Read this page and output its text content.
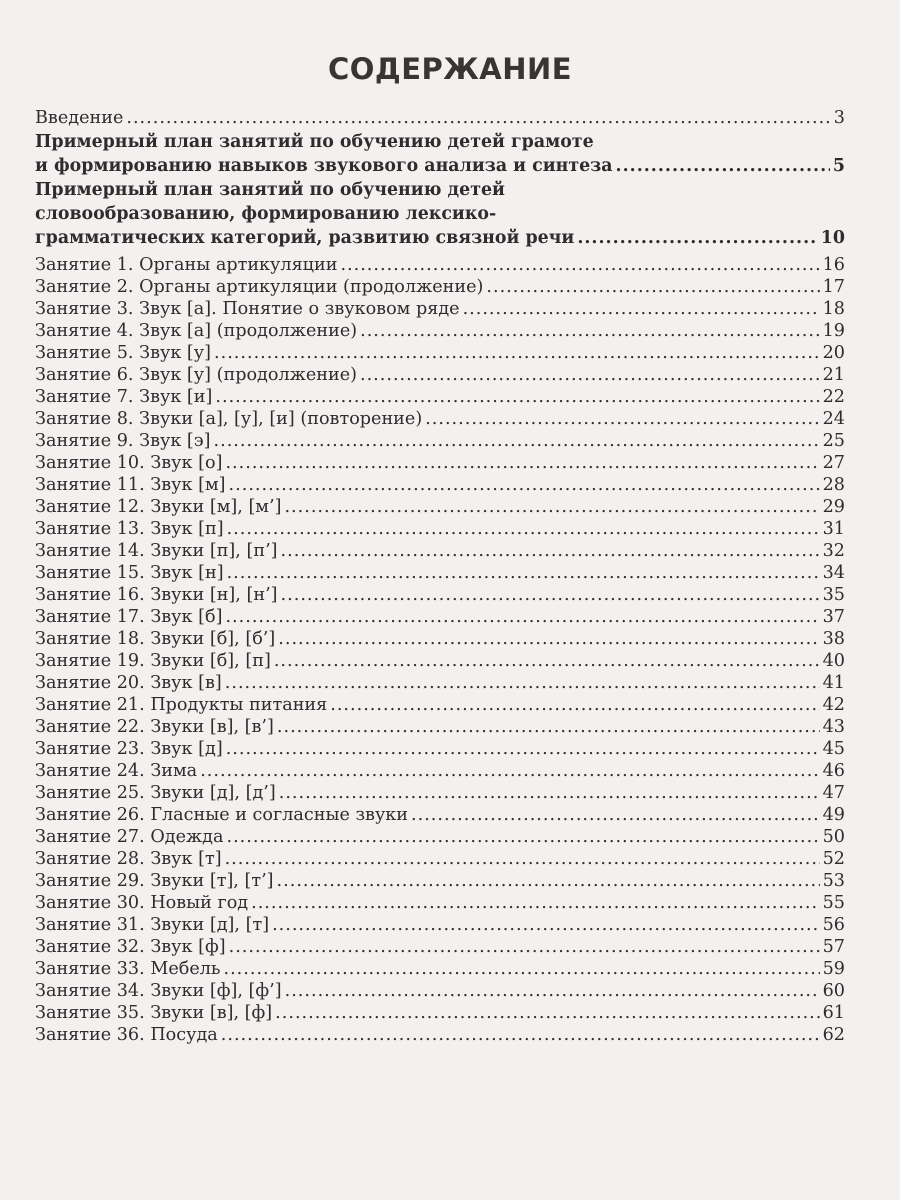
СОДЕРЖАНИЕ
Введение .....	3
Примерный план занятий по обучению детей грамоте
и формированию навыков звукового анализа и синтеза .....	5
Примерный план занятий по обучению детей
словообразованию, формированию лексико-
грамматических категорий, развитию связной речи .....	10
Занятие 1. Органы артикуляции .....	16
Занятие 2. Органы артикуляции (продолжение) .....	17
Занятие 3. Звук [а]. Понятие о звуковом ряде .....	18
Занятие 4. Звук [а] (продолжение) .....	19
Занятие 5. Звук [у] .....	20
Занятие 6. Звук [у] (продолжение) .....	21
Занятие 7. Звук [и] .....	22
Занятие 8. Звуки [а], [у], [и] (повторение) .....	24
Занятие 9. Звук [э] .....	25
Занятие 10. Звук [о] .....	27
Занятие 11. Звук [м] .....	28
Занятие 12. Звуки [м], [м’] .....	29
Занятие 13. Звук [п] .....	31
Занятие 14. Звуки [п], [п’] .....	32
Занятие 15. Звук [н] .....	34
Занятие 16. Звуки [н], [н’] .....	35
Занятие 17. Звук [б] .....	37
Занятие 18. Звуки [б], [б’] .....	38
Занятие 19. Звуки [б], [п] .....	40
Занятие 20. Звук [в] .....	41
Занятие 21. Продукты питания .....	42
Занятие 22. Звуки [в], [в’] .....	43
Занятие 23. Звук [д] .....	45
Занятие 24. Зима .....	46
Занятие 25. Звуки [д], [д’] .....	47
Занятие 26. Гласные и согласные звуки .....	49
Занятие 27. Одежда .....	50
Занятие 28. Звук [т] .....	52
Занятие 29. Звуки [т], [т’] .....	53
Занятие 30. Новый год .....	55
Занятие 31. Звуки [д], [т] .....	56
Занятие 32. Звук [ф] .....	57
Занятие 33. Мебель .....	59
Занятие 34. Звуки [ф], [ф’] .....	60
Занятие 35. Звуки [в], [ф] .....	61
Занятие 36. Посуда .....	62
